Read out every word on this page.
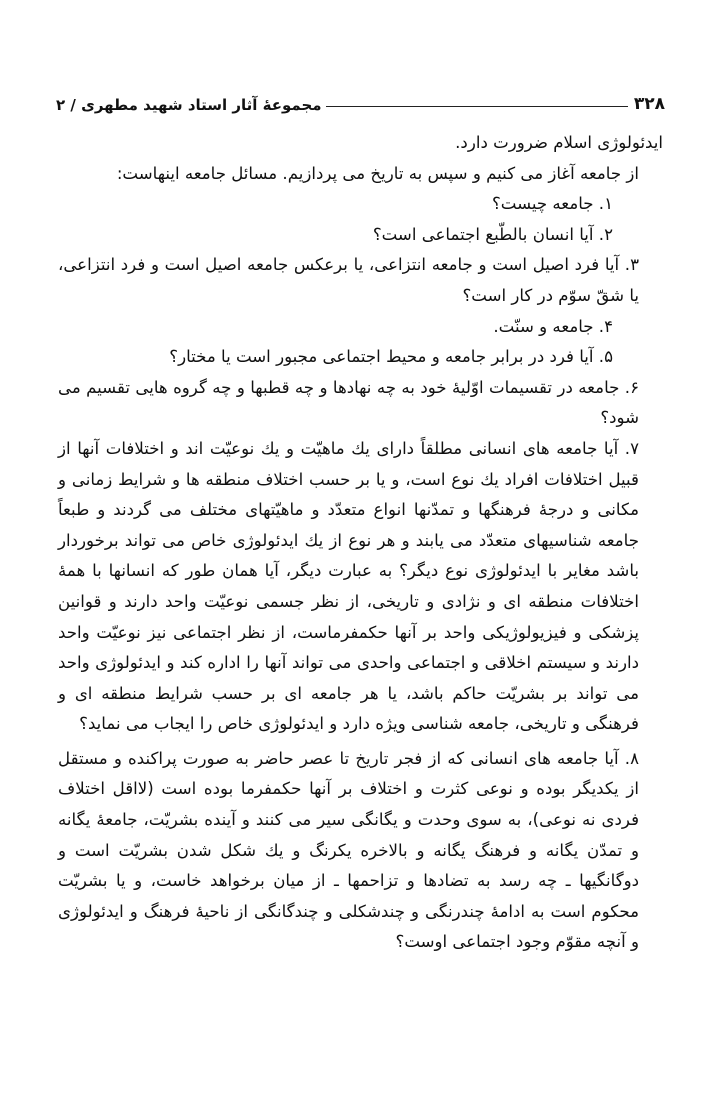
۳۲۸
مجموعهٔ آثار استاد شهید مطهری / ۲

ایدئولوژی اسلام ضرورت دارد.

از جامعه آغاز می کنیم و سپس به تاریخ می پردازیم. مسائل جامعه اینهاست:

۱. جامعه چیست؟

۲. آیا انسان بالطّبع اجتماعی است؟

۳. آیا فرد اصیل است و جامعه انتزاعی، یا برعکس جامعه اصیل است و فرد انتزاعی، یا شقّ سوّم در کار است؟

۴. جامعه و سنّت.

۵. آیا فرد در برابر جامعه و محیط اجتماعی مجبور است یا مختار؟

۶. جامعه در تقسیمات اوّلیهٔ خود به چه نهادها و چه قطبها و چه گروه هایی تقسیم می شود؟

۷. آیا جامعه های انسانی مطلقاً دارای یك ماهیّت و یك نوعیّت اند و اختلافات آنها از قبیل اختلافات افراد یك نوع است، و یا بر حسب اختلاف منطقه ها و شرایط زمانی و مکانی و درجهٔ فرهنگها و تمدّنها انواع متعدّد و ماهیّتهای مختلف می گردند و طبعاً جامعه شناسیهای متعدّد می یابند و هر نوع از یك ایدئولوژی خاص می تواند برخوردار باشد مغایر با ایدئولوژی نوع دیگر؟ به عبارت دیگر، آیا همان طور که انسانها با همهٔ اختلافات منطقه ای و نژادی و تاریخی، از نظر جسمی نوعیّت واحد دارند و قوانین پزشکی و فیزیولوژیکی واحد بر آنها حکمفرماست، از نظر اجتماعی نیز نوعیّت واحد دارند و سیستم اخلاقی و اجتماعی واحدی می تواند آنها را اداره کند و ایدئولوژی واحد می تواند بر بشریّت حاکم باشد، یا هر جامعه ای بر حسب شرایط منطقه ای و فرهنگی و تاریخی، جامعه شناسی ویژه دارد و ایدئولوژی خاص را ایجاب می نماید؟

۸. آیا جامعه های انسانی که از فجر تاریخ تا عصر حاضر به صورت پراکنده و مستقل از یکدیگر بوده و نوعی کثرت و اختلاف بر آنها حکمفرما بوده است (لااقل اختلاف فردی نه نوعی)، به سوی وحدت و یگانگی سیر می کنند و آینده بشریّت، جامعهٔ یگانه و تمدّن یگانه و فرهنگ یگانه و بالاخره یکرنگ و یك شکل شدن بشریّت است و دوگانگیها ـ چه رسد به تضادها و تزاحمها ـ از میان برخواهد خاست، و یا بشریّت محکوم است به ادامهٔ چندرنگی و چندشکلی و چندگانگی از ناحیهٔ فرهنگ و ایدئولوژی و آنچه مقوّم وجود اجتماعی اوست؟
